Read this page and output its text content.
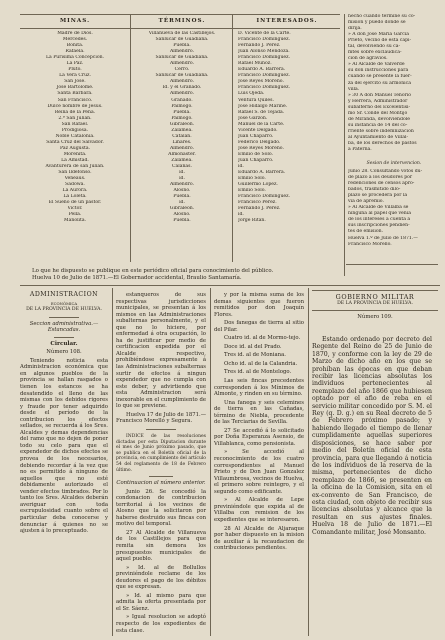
MINAS.	TÉRMINOS.	INTERESADOS.
Madre de Dios.
Mercedes.
Bonita.
Rafaela.
La Purisima Concepcion.
La Paz.
Pluto.
La Vera Cruz.
San José.
José Bartolomé.
Santa Bárbara.
San Francisco.
Dulce nombre de Jesús.
Reina de la Peña.
2.ª San Julian.
San Rafael.
Prodigiosa.
Noble Catalonia.
Santa Cruz del Salvador.
Paz Augusta.
Morenita.
La Amistad.
Avanturera de san Julian.
San Ildefonso.
Veneaus.
Sadowa.
La Aurora.
La Loleta.
El Sueño de un pastor.
Victor.
Pella.
Manolita.
Villanueva de las Castillejos.
Sanlúcar de Guadiana.
Puebla.
Almendro.
Sanlúcar de Guadiana.
Almendro.
Cerro.
Sanlúcar de Guadiana.
Almendro.
Id. y el Granado.
Almendro.
Granado.
Paimogo.
Puebla.
Paimogo.
Gibraleon.
Zalamea.
Catalan.
Linares.
Almendro.
Almonaster.
Zalamea.
Calañas.
id.
id.
Almendro.
Alosno.
Puebla.
id.
Gibraleon.
Alosno.
Puebla.
D. Vicente de la Cárte.
Francisco Dominguez.
Fernando J. Perez.
Juan Alonso Mendoza.
Francisco Dominguez.
Rafael Muñoz.
Eduardo A. Barrera.
Francisco Dominguez.
José Reyes Moreno.
Francisco Dominguez.
Luis Ojeda.
Ventura Quiles.
José Hidalgo Marine.
Rafael S. de Tejada.
José Garzon.
Manuel de la Cárte.
Vicente Delgado.
Juan Chaparro.
Federico Delgado.
José Reyes Moreno.
Emilio de Solo.
Juan Chaparro.
id.
Eduardo A. Barrera.
Emilio Solo.
Guillermo Lopez.
Emilio Solo.
Francisco Dominguez.
Francisco Perez.
Fernando J. Perez.
id.
Jorge Ritan.
hecho cuando termine su co-
misión y puedo dónde se
dirija.
» A don José María García
Prieto, vecino de esta capi-
tal, devolviendo su ca-
mtes sobre exclaudica-
ción de agravios.
» Al Alcalde de Valverde
su don instrucciones para
cuando se presente la fuer-
za del ejército su armónica
villa.
» 30 A don Manuel Tenorio
y Herrera, Administrador
subalterno del Excelentísi-
mo Sr. Conde del Montijo
de Miranda, devolviéndole
su instancia de 14 del co-
rriente sobre indemnización
al Ayuntamiento de Villal-
ba, de los derechos de pastos
a Paterna.
Sesion de intervencion.
Junio 28. Consultando votos du-
de plazo á los deudores por
redenciones de censos apro-
bados, trasmitido dilo-
plazo se procederá por la
vía de apremio.
» Al Alcalde de Villalba se
ninguna al papel que venía
de los intereses á cuenta á
sus inscripciones pendien-
tes de emision.
Huelva 1.º de Julio de 1871.—
Francisco Morelló.

Lo que he dispuesto se publique en este periódico oficial para conocimiento del público.

Huelva 10 de Julio de 1871.—El Gobernador accidental, Braulio Santamaría.

ADMINISTRACION
ECONÓMICA
DE LA PROVINCIA DE HUELVA.
Seccion administrativa.—Estancadas.
Circular.
Número 108.

Teniendo noticia esta Administracion económica que en algunos pueblos de la provincia se hallan rasgados o tienen los estancos se ha desatendido el lleno de las mismas con los debidos rigores y fraude por tener adquirido desde el período de la contribucion los efectos sellados, se recuerda á los Sres. Alcaldes y demas dependencias del ramo que no dejen de poner todo su celo para que el expendedor de dichos efectos se provea de los necesarios, debiendo recordar á la vez que no es permitido á ninguno de aquellos que no esté debidamente autorizado el vender efectos timbrados. Por lo tanto los Sres. Alcaldes deberán averiguar con toda escrupulosidad cuanto sobre el particular deba conocerse y denunciar á quienes no se ajusten á lo preceptuado.

estanqueros de sus respectivas jurisdicciones municipales, se presentan á los mismos en las Administraciones subalternas personalmente, y el que no lo hiciere, por enfermedad á otra ocupación, lo ha de justificar por medio de certificacion expedida por el Alcalde respectivo, prohibiéndose expresamente á las Administraciones subalternas surtir de efectos á ningun expendedor que no cumpla con este deber, y advirtiendo que esta Administracion será inexorable en el cumplimiento de lo que se previene.

Huelva 17 de Julio de 1871.—Francisco Morelló y Segura.

INDICE de las resoluciones dictadas por esta Diputacion durante el mes de Junio próximo pasado, que se publica en el Boletín oficial de la provincia, en cumplimiento del artículo 54 del reglamento de 18 de Febrero último.

Continuacion al número anterior.

Junio 26. Se concedió la condonacion de contribucion territorial á los vecinos de Alosno que la solicitaron por haberse destruido sus fincas con motivo del temporal.

27 Al Alcalde de Villanueva de los Castillejos para que remita sin demora los presupuestos municipales de aquel pueblo.

» Id. al de Bollullos previniéndole reclame de los deudores el pago de los débitos que se expresan.

» Id. al mismo para que admita la oferta presentada por el Sr. Sáenz.

» Igual resolucion se adoptó respecto de los expedientes de esta clase.

y por la misma suma de los demas siguientes que fueron remitidos por don Joaquín Flores.

Dos fanegas de tierra al sitio del Pilar.

Cuatro id. al de Mormo-tejo.

Doce id. al del Prado.

Tres id. al de Moniana.

Ocho id. al de la Calandria.

Tres id. al de Montelogo.

Las seis fincas precedentes corresponden á los Mínimos de Almonte, y rinden en su término.

Una fanega y seis celemines de tierra en las Cañadas, término de Niebla, procedente de las Terciarias de Sevilla.

27 Se accedió á lo solicitado por Doña Esperanza Asensio, de Villablanca, como pensionista.

» Se accedió al reconocimiento de los cuatro correspondientes al Manuel Prieto y de Don Juan Gonzalez Villaumbrosa, vecinos de Huelva, el primero sobre reintegro, y el segundo como edificante.

» Al Alcalde de Lepe previniéndole que expida al de Villalba con remision de los expedientes que se interesaron.

28 Al Alcalde de Aljaraque por haber dispuesto en la mision de auxiliar á la recaudacion de contribuciones pendientes.

GOBIERNO MILITAR
DE LA PROVINCIA DE HUELVA.
Número 109.

Estando ordenado por decreto del Regente del Reino de 25 de Junio de 1870, y conforme con la ley de 29 de Marzo de dicho año en los que se prohíban las épocas en que deban recibir las licencias absolutas los individuos pertenecientes al reemplazo del año 1866 que hubiesen optado por el afio de reba en el servicio militar concedido por S. M. el Rey (q. D. g.) en su Real decreto de 5 de Febrero próximo pasado; y habiendo llegado el tiempo de llenar cumplidamente aquellas superiores disposiciones, se hace saber por medio del Boletín oficial de esta provincia, para que llegando á noticia de los individuos de la reserva de la misma, pertenecientes de dicho reemplazo de 1866, se presenten en la oficina de la Comision, sita en el ex-convento de San Francisco, de esta ciudad, con objeto de recibir sus licencias absolutas y alcance que la resultan en sus ajustes finales. Huelva 18 de Julio de 1871.—El Comandante militar, José Monsanto.
